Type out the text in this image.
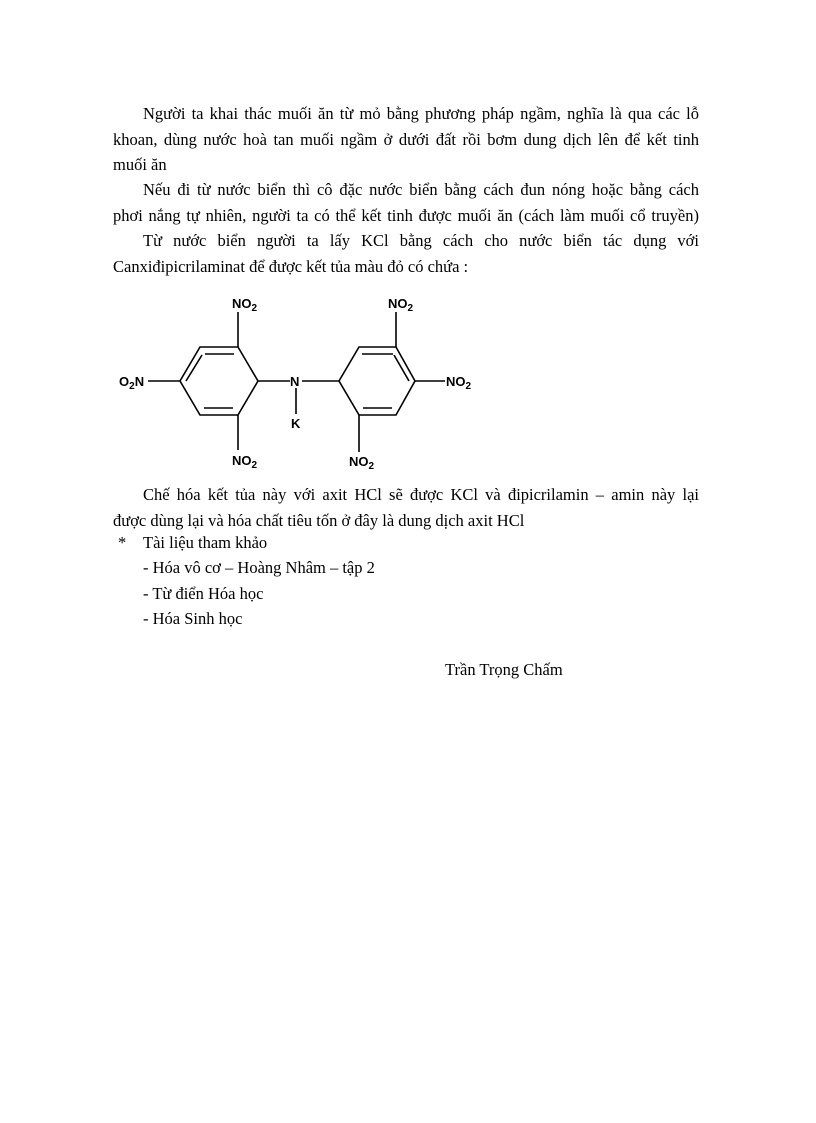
Người ta khai thác muối ăn từ mỏ bằng phương pháp ngầm, nghĩa là qua các lỗ
khoan, dùng nước hoà tan muối ngầm ở dưới đất rồi bơm dung dịch lên để kết tinh
muối ăn
Nếu đi từ nước biển thì cô đặc nước biển bằng cách đun nóng hoặc bằng cách
phơi nắng tự nhiên, người ta có thể kết tinh được muối ăn (cách làm muối cổ truyền)
Từ nước biển người ta lấy KCl bằng cách cho nước biển tác dụng với
Canxiđipicrilaminat để được kết tủa màu đỏ có chứa :
$NO_2$
$NO_2$
$O_2N$	N
K
$NO_2$
$NO_2$
$NO_2$
Chế hóa kết tủa này với axit HCl sẽ được KCl và đipicrilamin – amin này lại
được dùng lại và hóa chất tiêu tốn ở đây là dung dịch axit HCl
* Tài liệu tham khảo
- Hóa vô cơ – Hoàng Nhâm – tập 2
- Từ điển Hóa học
- Hóa Sinh học
Trần Trọng Chấm
